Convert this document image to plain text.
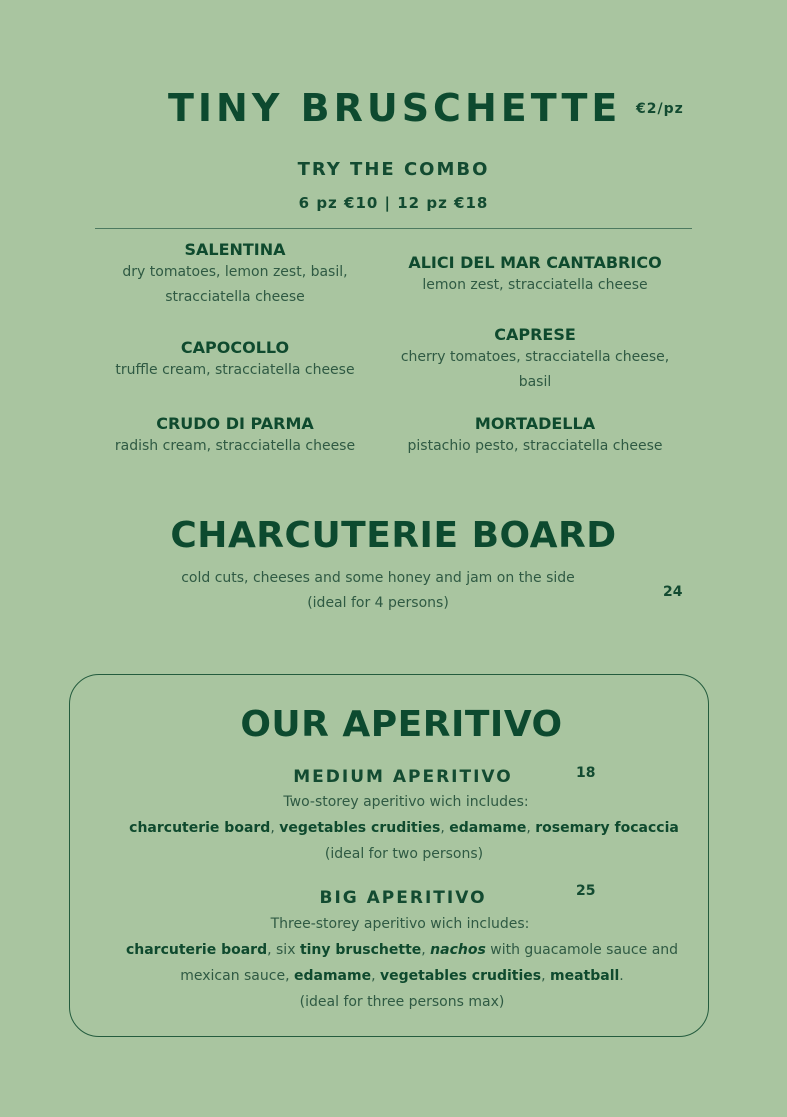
TINY BRUSCHETTE	€2/pz
TRY THE COMBO
6 pz €10 | 12 pz €18
SALENTINA
dry tomatoes, lemon zest, basil,
stracciatella cheese
CAPOCOLLO
truffle cream, stracciatella cheese
CRUDO DI PARMA
radish cream, stracciatella cheese
ALICI DEL MAR CANTABRICO
lemon zest, stracciatella cheese
CAPRESE
cherry tomatoes, stracciatella cheese,
basil
MORTADELLA
pistachio pesto, stracciatella cheese
CHARCUTERIE BOARD
cold cuts, cheeses and some honey and jam on the side
(ideal for 4 persons)
24
OUR APERITIVO
MEDIUM APERITIVO	18
Two-storey aperitivo wich includes:
charcuterie board, vegetables crudities, edamame, rosemary focaccia
(ideal for two persons)
BIG APERITIVO	25
Three-storey aperitivo wich includes:
charcuterie board, six tiny bruschette, nachos with guacamole sauce and
mexican sauce, edamame, vegetables crudities, meatball.
(ideal for three persons max)
